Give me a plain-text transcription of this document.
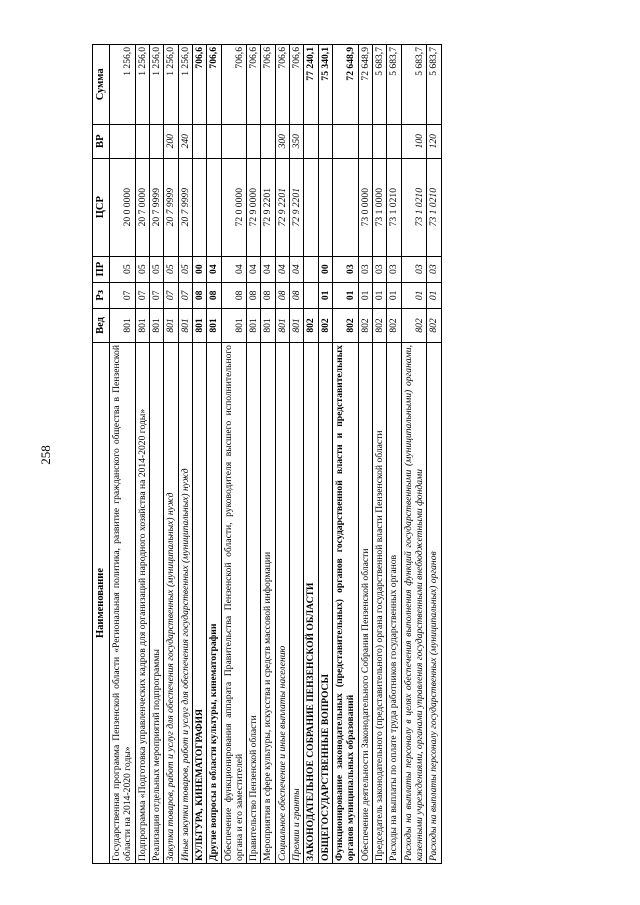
258
Наименование	Вед	Рз	ПР	ЦСР	ВР	Сумма
Государственная программа Пензенской области «Региональная политика, развитие гражданского общества в Пензенской области на 2014-2020 годы»	801	07	05	20 0 0000		1 256,0
Подпрограмма «Подготовка управленческих кадров для организаций народного хозяйства на 2014-2020 годы»	801	07	05	20 7 0000		1 256,0
Реализация отдельных мероприятий подпрограммы	801	07	05	20 7 9999		1 256,0
Закупка товаров, работ и услуг для обеспечения государственных (муниципальных) нужд	801	07	05	20 7 9999	200	1 256,0
Иные закупки товаров, работ и услуг для обеспечения государственных (муниципальных) нужд	801	07	05	20 7 9999	240	1 256,0
КУЛЬТУРА, КИНЕМАТОГРАФИЯ	801	08	00			706,6
Другие вопросы в области культуры, кинематографии	801	08	04			706,6
Обеспечение функционирования аппарата Правительства Пензенской области, руководителя высшего исполнительного органа и его заместителей	801	08	04	72 0 0000		706,6
Правительство Пензенской области	801	08	04	72 9 0000		706,6
Мероприятия в сфере культуры, искусства и средств массовой информации	801	08	04	72 9 2201		706,6
Социальное обеспечение и иные выплаты населению	801	08	04	72 9 2201	300	706,6
Премии и гранты	801	08	04	72 9 2201	350	706,6
ЗАКОНОДАТЕЛЬНОЕ СОБРАНИЕ ПЕНЗЕНСКОЙ ОБЛАСТИ	802					77 240,1
ОБЩЕГОСУДАРСТВЕННЫЕ ВОПРОСЫ	802	01	00			75 340,1
Функционирование законодательных (представительных) органов государственной власти и представительных органов муниципальных образований	802	01	03			72 648,9
Обеспечение деятельности Законодательного Собрания Пензенской области	802	01	03	73 0 0000		72 648,9
Председатель законодательного (представительного) органа государственной власти Пензенской области	802	01	03	73 1 0000		5 683,7
Расходы на выплаты по оплате труда работников государственных органов	802	01	03	73 1 0210		5 683,7
Расходы на выплаты персоналу в целях обеспечения выполнения функций государственными (муниципальными) органами, казенными учреждениями, органами управления государственными внебюджетными фондами	802	01	03	73 1 0210	100	5 683,7
Расходы на выплаты персоналу государственных (муниципальных) органов	802	01	03	73 1 0210	120	5 683,7
